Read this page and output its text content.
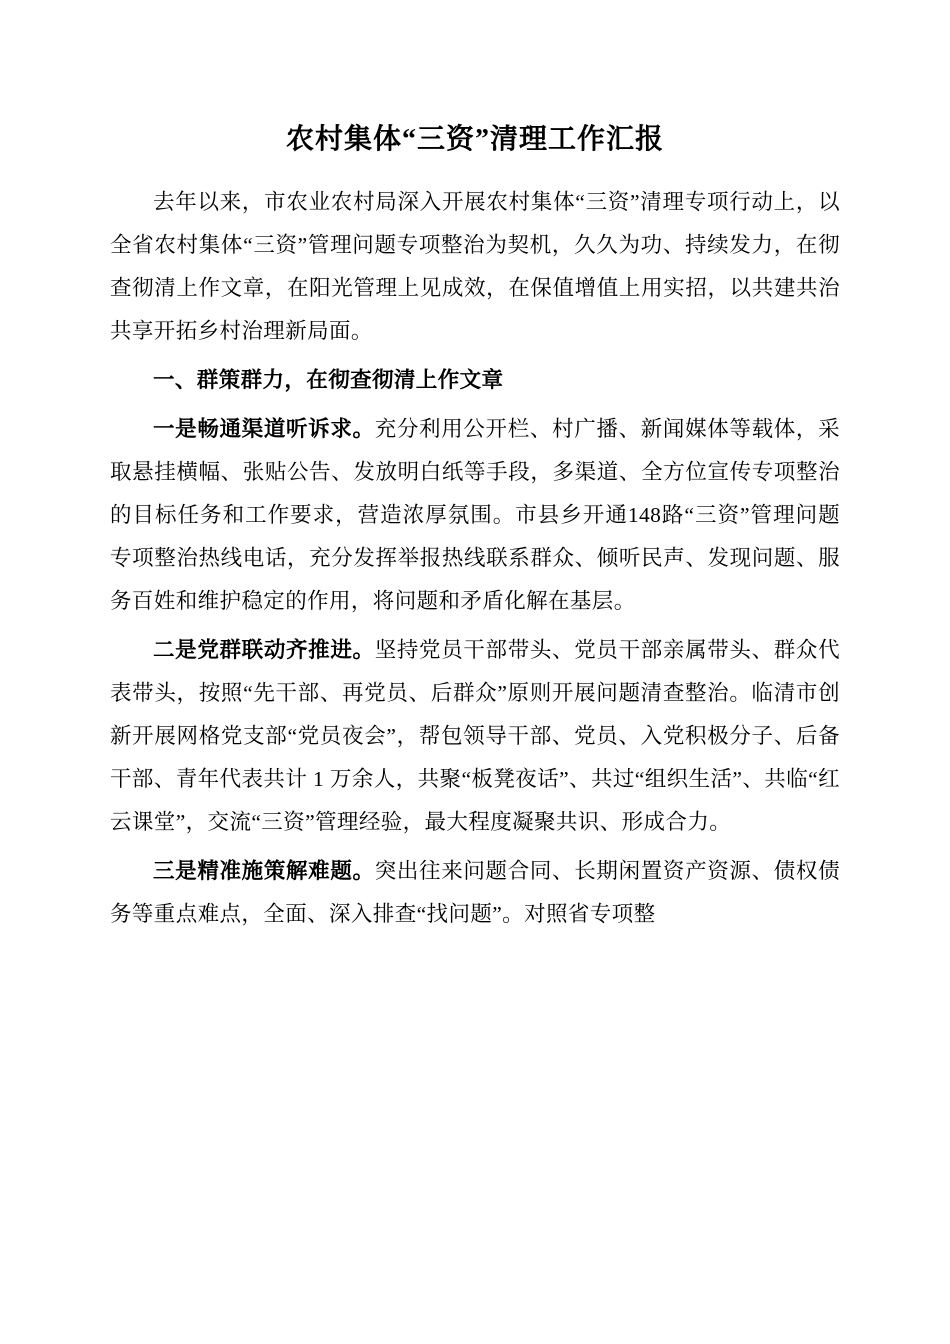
农村集体“三资”清理工作汇报

去年以来，市农业农村局深入开展农村集体“三资”清理专项行动上，以全省农村集体“三资”管理问题专项整治为契机，久久为功、持续发力，在彻查彻清上作文章，在阳光管理上见成效，在保值增值上用实招，以共建共治共享开拓乡村治理新局面。

一、群策群力，在彻查彻清上作文章

一是畅通渠道听诉求。充分利用公开栏、村广播、新闻媒体等载体，采取悬挂横幅、张贴公告、发放明白纸等手段，多渠道、全方位宣传专项整治的目标任务和工作要求，营造浓厚氛围。市县乡开通148路“三资”管理问题专项整治热线电话，充分发挥举报热线联系群众、倾听民声、发现问题、服务百姓和维护稳定的作用，将问题和矛盾化解在基层。

二是党群联动齐推进。坚持党员干部带头、党员干部亲属带头、群众代表带头，按照“先干部、再党员、后群众”原则开展问题清查整治。临清市创新开展网格党支部“党员夜会”，帮包领导干部、党员、入党积极分子、后备干部、青年代表共计 1 万余人，共聚“板凳夜话”、共过“组织生活”、共临“红云课堂”，交流“三资”管理经验，最大程度凝聚共识、形成合力。

三是精准施策解难题。突出往来问题合同、长期闲置资产资源、债权债务等重点难点，全面、深入排查“找问题”。对照省专项整
